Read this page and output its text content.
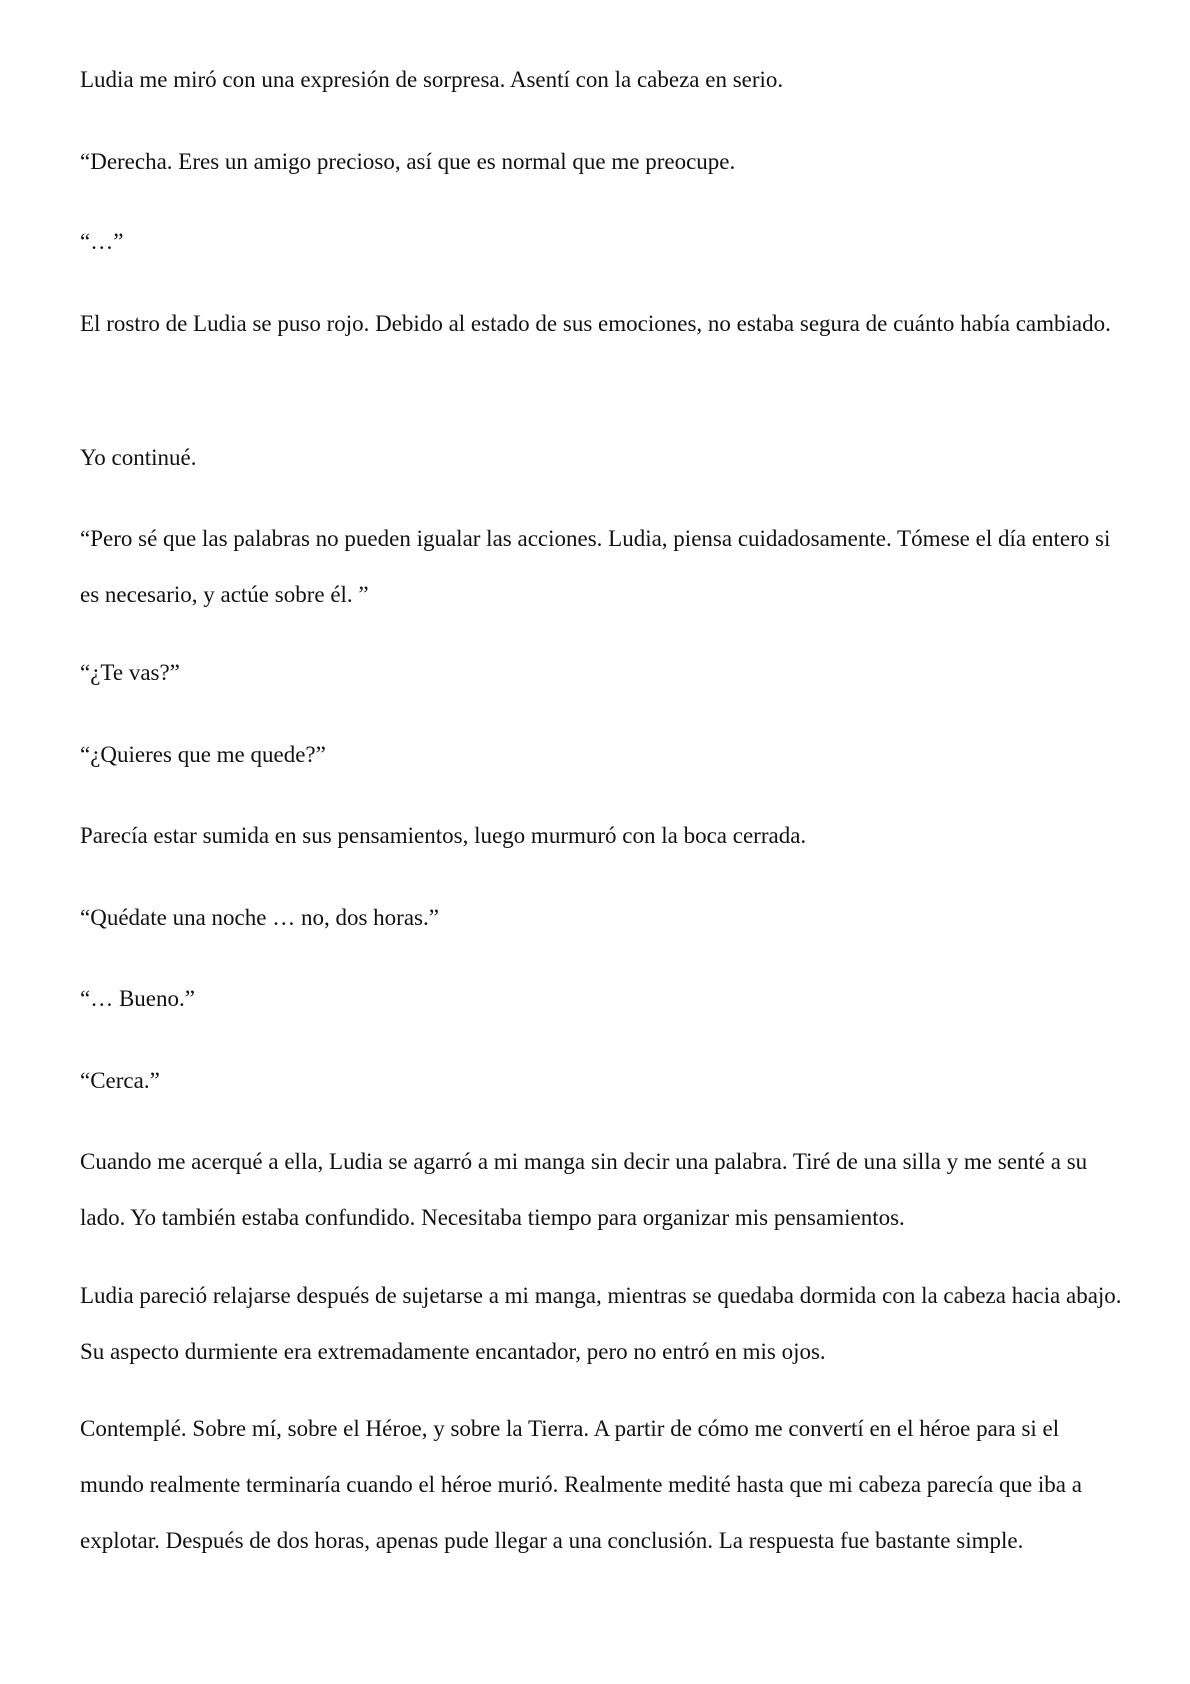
Ludia me miró con una expresión de sorpresa. Asentí con la cabeza en serio.

“Derecha. Eres un amigo precioso, así que es normal que me preocupe.

“…”

El rostro de Ludia se puso rojo. Debido al estado de sus emociones, no estaba segura de cuánto había cambiado.

Yo continué.

“Pero sé que las palabras no pueden igualar las acciones. Ludia, piensa cuidadosamente. Tómese el día entero si es necesario, y actúe sobre él. ”

“¿Te vas?”

“¿Quieres que me quede?”

Parecía estar sumida en sus pensamientos, luego murmuró con la boca cerrada.

“Quédate una noche … no, dos horas.”

“… Bueno.”

“Cerca.”

Cuando me acerqué a ella, Ludia se agarró a mi manga sin decir una palabra. Tiré de una silla y me senté a su lado. Yo también estaba confundido. Necesitaba tiempo para organizar mis pensamientos.

Ludia pareció relajarse después de sujetarse a mi manga, mientras se quedaba dormida con la cabeza hacia abajo. Su aspecto durmiente era extremadamente encantador, pero no entró en mis ojos.

Contemplé. Sobre mí, sobre el Héroe, y sobre la Tierra. A partir de cómo me convertí en el héroe para si el mundo realmente terminaría cuando el héroe murió. Realmente medité hasta que mi cabeza parecía que iba a explotar. Después de dos horas, apenas pude llegar a una conclusión. La respuesta fue bastante simple.
